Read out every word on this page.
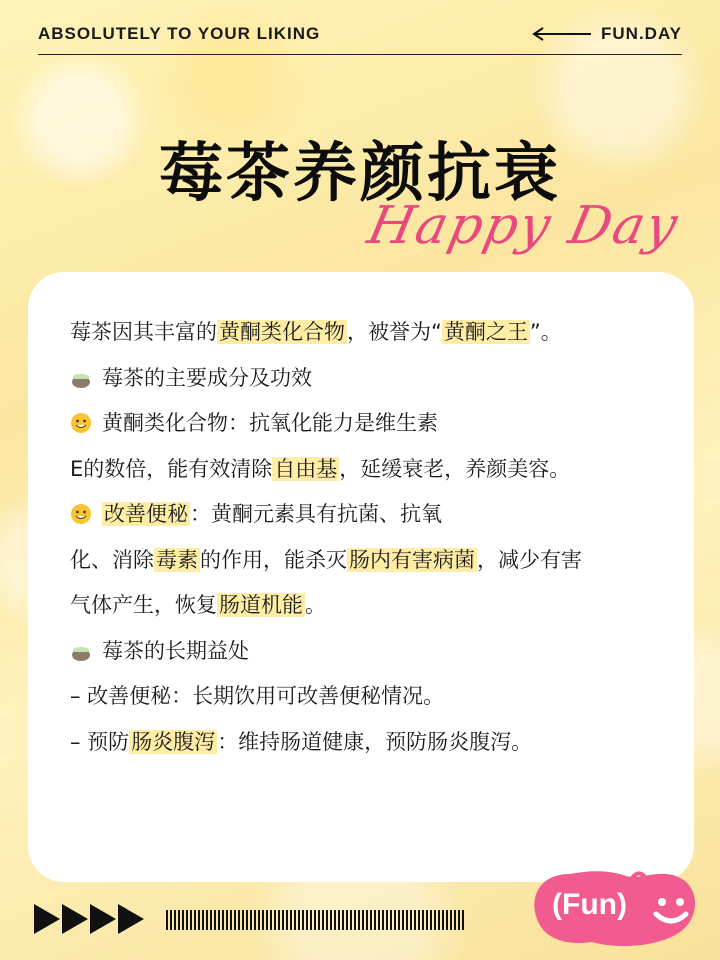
ABSOLUTELY TO YOUR LIKING	FUN.DAY
莓茶养颜抗衰
Happy Day
莓茶因其丰富的黄酮类化合物，被誉为“黄酮之王”。
莓茶的主要成分及功效
黄酮类化合物：抗氧化能力是维生素
E的数倍，能有效清除自由基，延缓衰老，养颜美容。
改善便秘：黄酮元素具有抗菌、抗氧
化、消除毒素的作用，能杀灭肠内有害病菌，减少有害
气体产生，恢复肠道机能。
莓茶的长期益处
– 改善便秘：长期饮用可改善便秘情况。
– 预防肠炎腹泻：维持肠道健康，预防肠炎腹泻。
(Fun)
